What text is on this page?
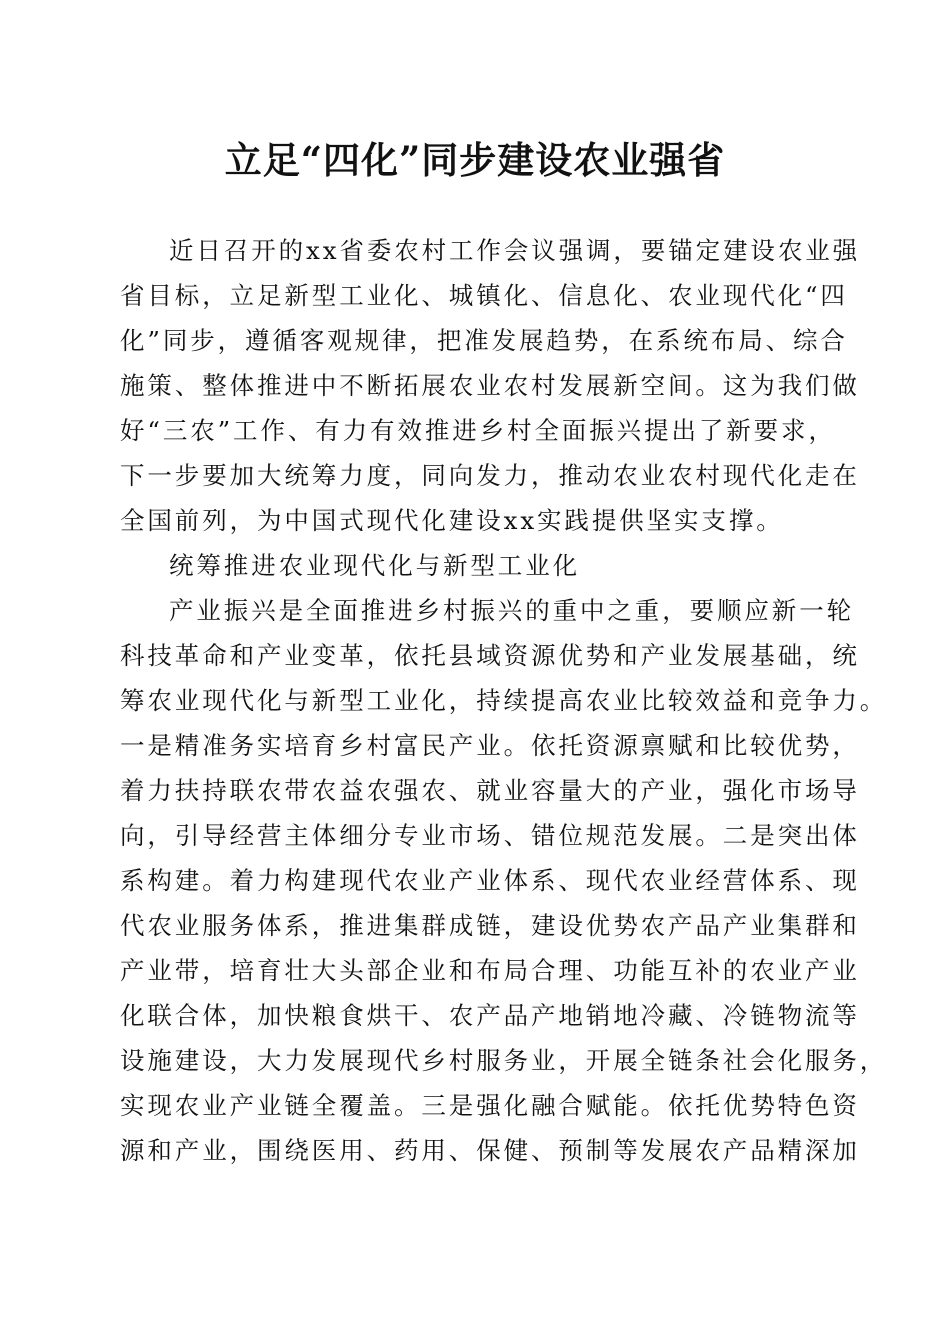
立足“四化”同步建设农业强省

近日召开的xx省委农村工作会议强调，要锚定建设农业强

省目标，立足新型工业化、城镇化、信息化、农业现代化“四

化”同步，遵循客观规律，把准发展趋势，在系统布局、综合

施策、整体推进中不断拓展农业农村发展新空间。这为我们做

好“三农”工作、有力有效推进乡村全面振兴提出了新要求，

下一步要加大统筹力度，同向发力，推动农业农村现代化走在

全国前列，为中国式现代化建设xx实践提供坚实支撑。

统筹推进农业现代化与新型工业化

产业振兴是全面推进乡村振兴的重中之重，要顺应新一轮

科技革命和产业变革，依托县域资源优势和产业发展基础，统

筹农业现代化与新型工业化，持续提高农业比较效益和竞争力。

一是精准务实培育乡村富民产业。依托资源禀赋和比较优势，

着力扶持联农带农益农强农、就业容量大的产业，强化市场导

向，引导经营主体细分专业市场、错位规范发展。二是突出体

系构建。着力构建现代农业产业体系、现代农业经营体系、现

代农业服务体系，推进集群成链，建设优势农产品产业集群和

产业带，培育壮大头部企业和布局合理、功能互补的农业产业

化联合体，加快粮食烘干、农产品产地销地冷藏、冷链物流等

设施建设，大力发展现代乡村服务业，开展全链条社会化服务，

实现农业产业链全覆盖。三是强化融合赋能。依托优势特色资

源和产业，围绕医用、药用、保健、预制等发展农产品精深加
